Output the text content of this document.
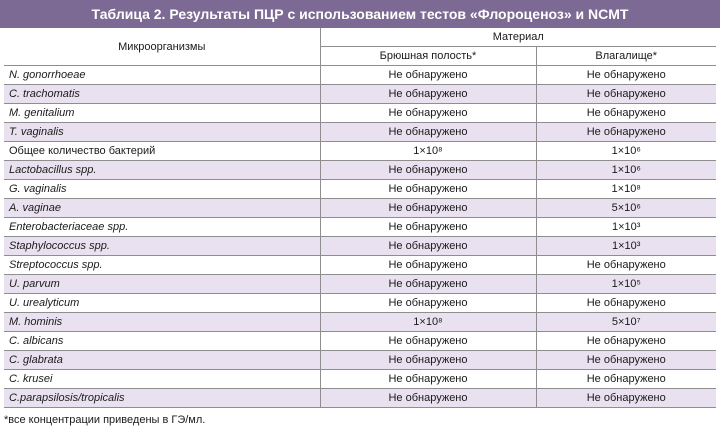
Таблица 2. Результаты ПЦР с использованием тестов «Флороценоз» и NCMT
Микроорганизмы	Материал	
	Брюшная полость*	Влагалище*
N. gonorrhoeae	Не обнаружено	Не обнаружено
C. trachomatis	Не обнаружено	Не обнаружено
M. genitalium	Не обнаружено	Не обнаружено
T. vaginalis	Не обнаружено	Не обнаружено
Общее количество бактерий	1×10⁸	1×10⁶
Lactobacillus spp.	Не обнаружено	1×10⁶
G. vaginalis	Не обнаружено	1×10⁸
A. vaginae	Не обнаружено	5×10⁶
Enterobacteriaceae spp.	Не обнаружено	1×10³
Staphylococcus spp.	Не обнаружено	1×10³
Streptococcus spp.	Не обнаружено	Не обнаружено
U. parvum	Не обнаружено	1×10⁵
U. urealyticum	Не обнаружено	Не обнаружено
M. hominis	1×10⁸	5×10⁷
C. albicans	Не обнаружено	Не обнаружено
C. glabrata	Не обнаружено	Не обнаружено
C. krusei	Не обнаружено	Не обнаружено
C.parapsilosis/tropicalis	Не обнаружено	Не обнаружено
*все концентрации приведены в ГЭ/мл.
